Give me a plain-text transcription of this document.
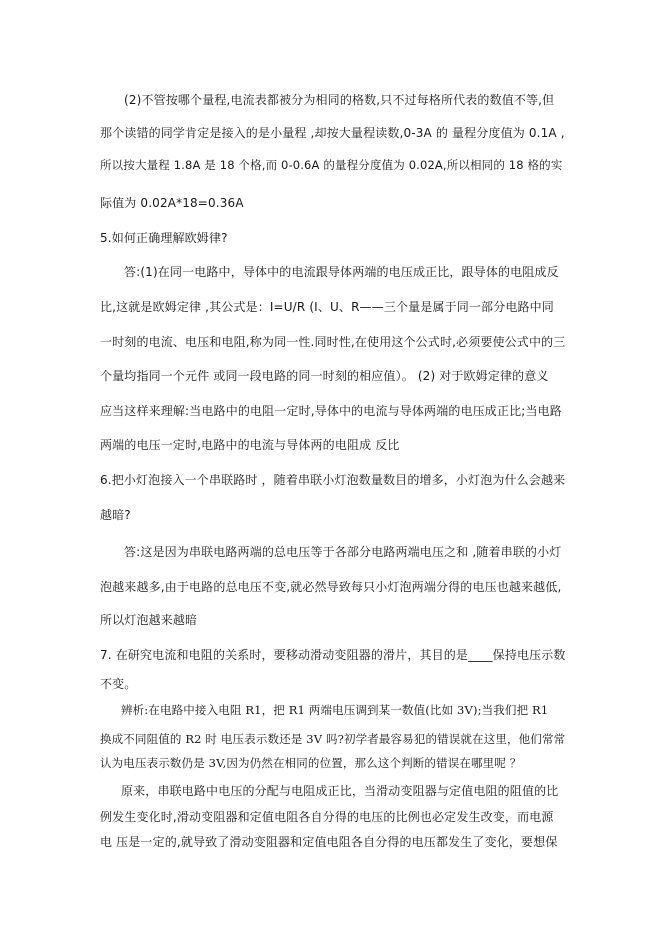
(2)不管按哪个量程,电流表都被分为相同的格数,只不过每格所代表的数值不等,但
那个读错的同学肯定是接入的是小量程 ,却按大量程读数,0-3A 的 量程分度值为 0.1A ,
所以按大量程 1.8A 是 18 个格,而 0-0.6A 的量程分度值为 0.02A,所以相同的 18 格的实
际值为 0.02A*18=0.36A
5.如何正确理解欧姆律?
答:(1)在同一电路中，导体中的电流跟导体两端的电压成正比，跟导体的电阻成反
比,这就是欧姆定律 ,其公式是：I=U/R (I、U、R——三个量是属于同一部分电路中同
一时刻的电流、电压和电阻,称为同一性.同时性,在使用这个公式时,必须要使公式中的三
个量均指同一个元件 或同一段电路的同一时刻的相应值）。 (2) 对于欧姆定律的意义
应当这样来理解:当电路中的电阻一定时,导体中的电流与导体两端的电压成正比;当电路
两端的电压一定时,电路中的电流与导体两的电阻成 反比
6.把小灯泡接入一个串联路时 ，随着串联小灯泡数量数目的增多，小灯泡为什么会越来
越暗?
答:这是因为串联电路两端的总电压等于各部分电路两端电压之和 ,随着串联的小灯
泡越来越多,由于电路的总电压不变,就必然导致每只小灯泡两端分得的电压也越来越低,
所以灯泡越来越暗
7. 在研究电流和电阻的关系时，要移动滑动变阻器的滑片，其目的是____保持电压示数
不变。
辨析:在电路中接入电阻 R1，把 R1 两端电压调到某一数值(比如 3V);当我们把 R1
换成不同阻值的 R2 时 电压表示数还是 3V 吗?初学者最容易犯的错误就在这里，他们常常
认为电压表示数仍是 3V,因为仍然在相同的位置，那么这个判断的错误在哪里呢 ？
原来，串联电路中电压的分配与电阻成正比，当滑动变阻器与定值电阻的阻值的比
例发生变化时,滑动变阻器和定值电阻各自分得的电压的比例也必定发生改变，而电源
电 压是一定的,就导致了滑动变阻器和定值电阻各自分得的电压都发生了变化，要想保
